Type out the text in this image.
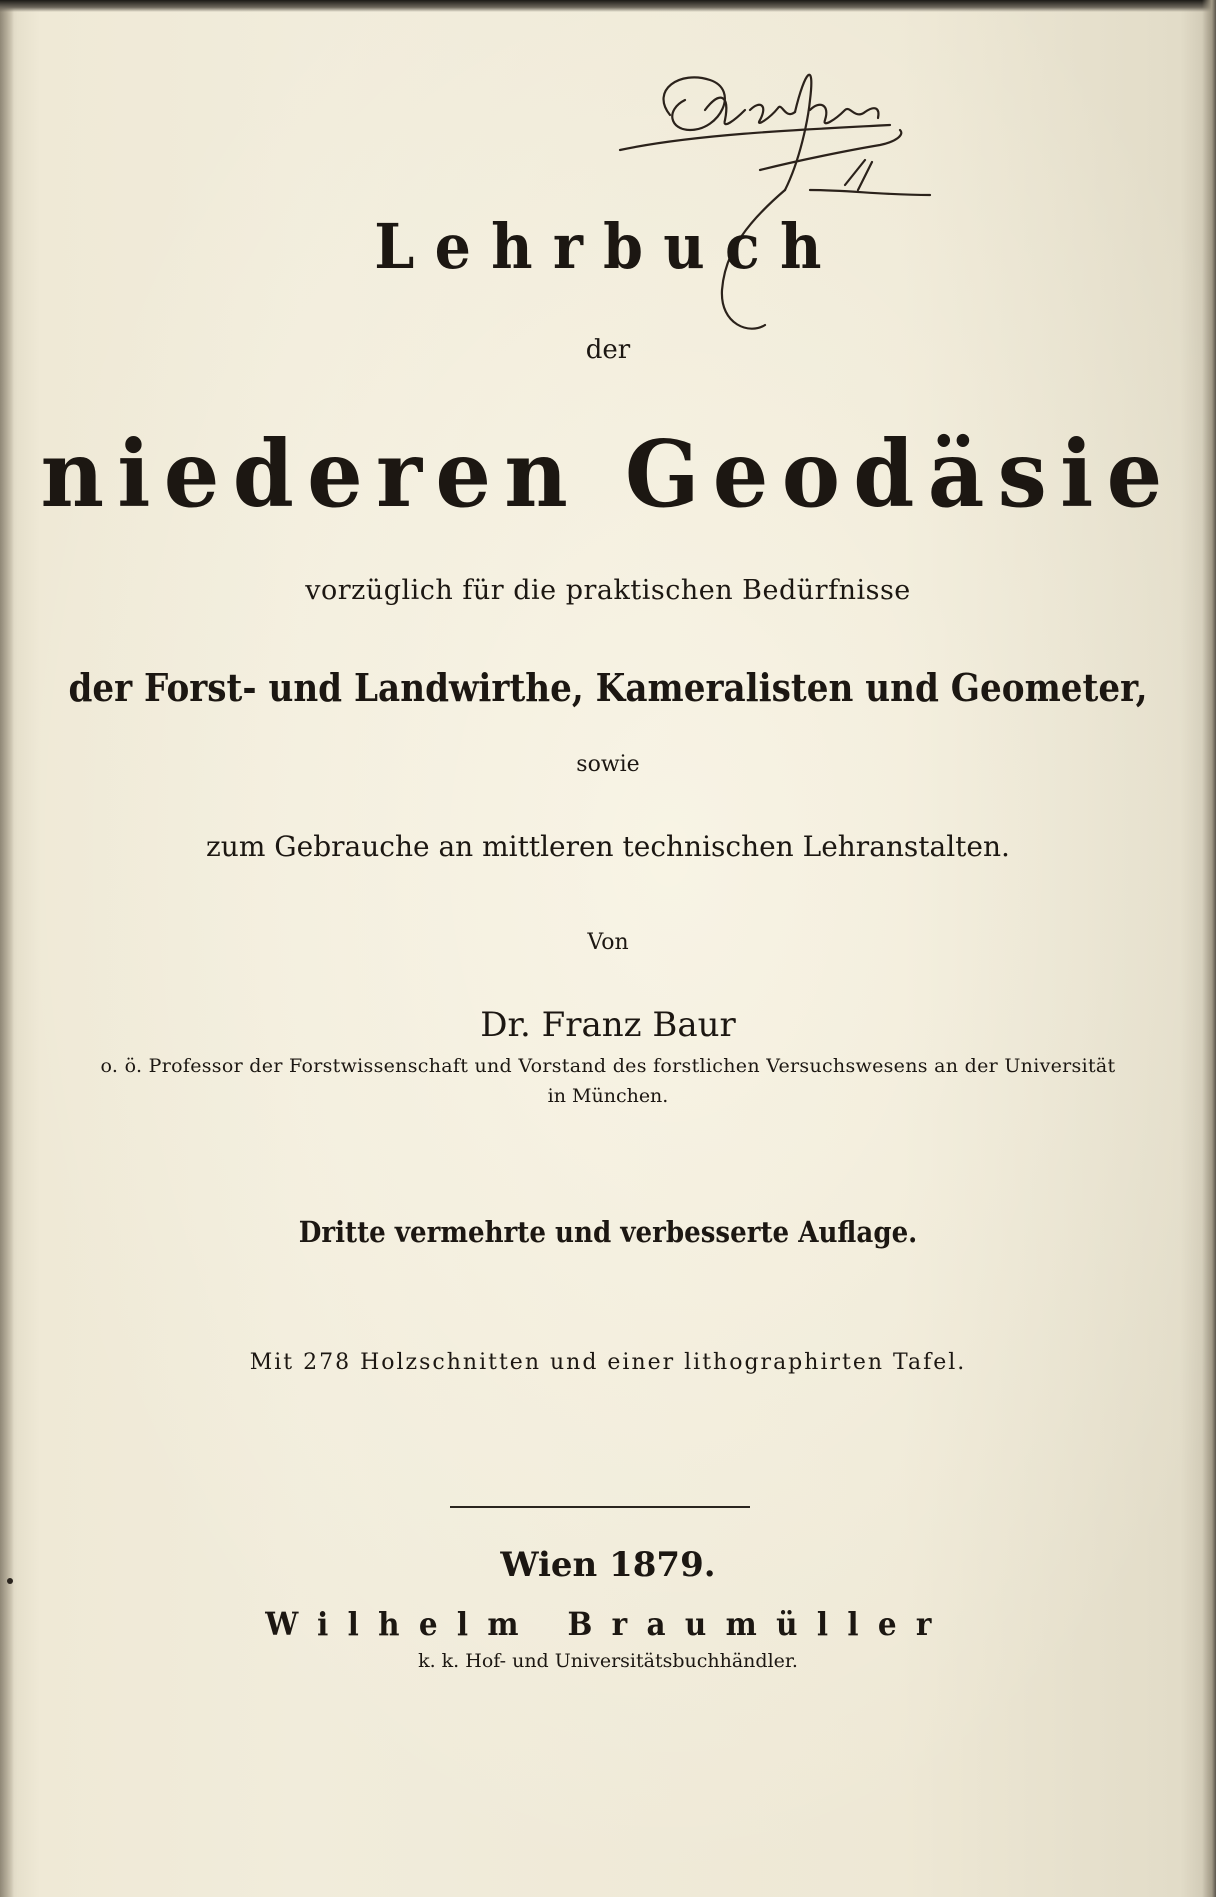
Lehrbuch
der
niederen Geodäsie
vorzüglich für die praktischen Bedürfnisse
der Forst- und Landwirthe, Kameralisten und Geometer,
sowie
zum Gebrauche an mittleren technischen Lehranstalten.
Von
Dr. Franz Baur
o. ö. Professor der Forstwissenschaft und Vorstand des forstlichen Versuchswesens an der Universität
in München.
Dritte vermehrte und verbesserte Auflage.
Mit 278 Holzschnitten und einer lithographirten Tafel.
Wien 1879.
Wilhelm Braumüller
k. k. Hof- und Universitätsbuchhändler.
